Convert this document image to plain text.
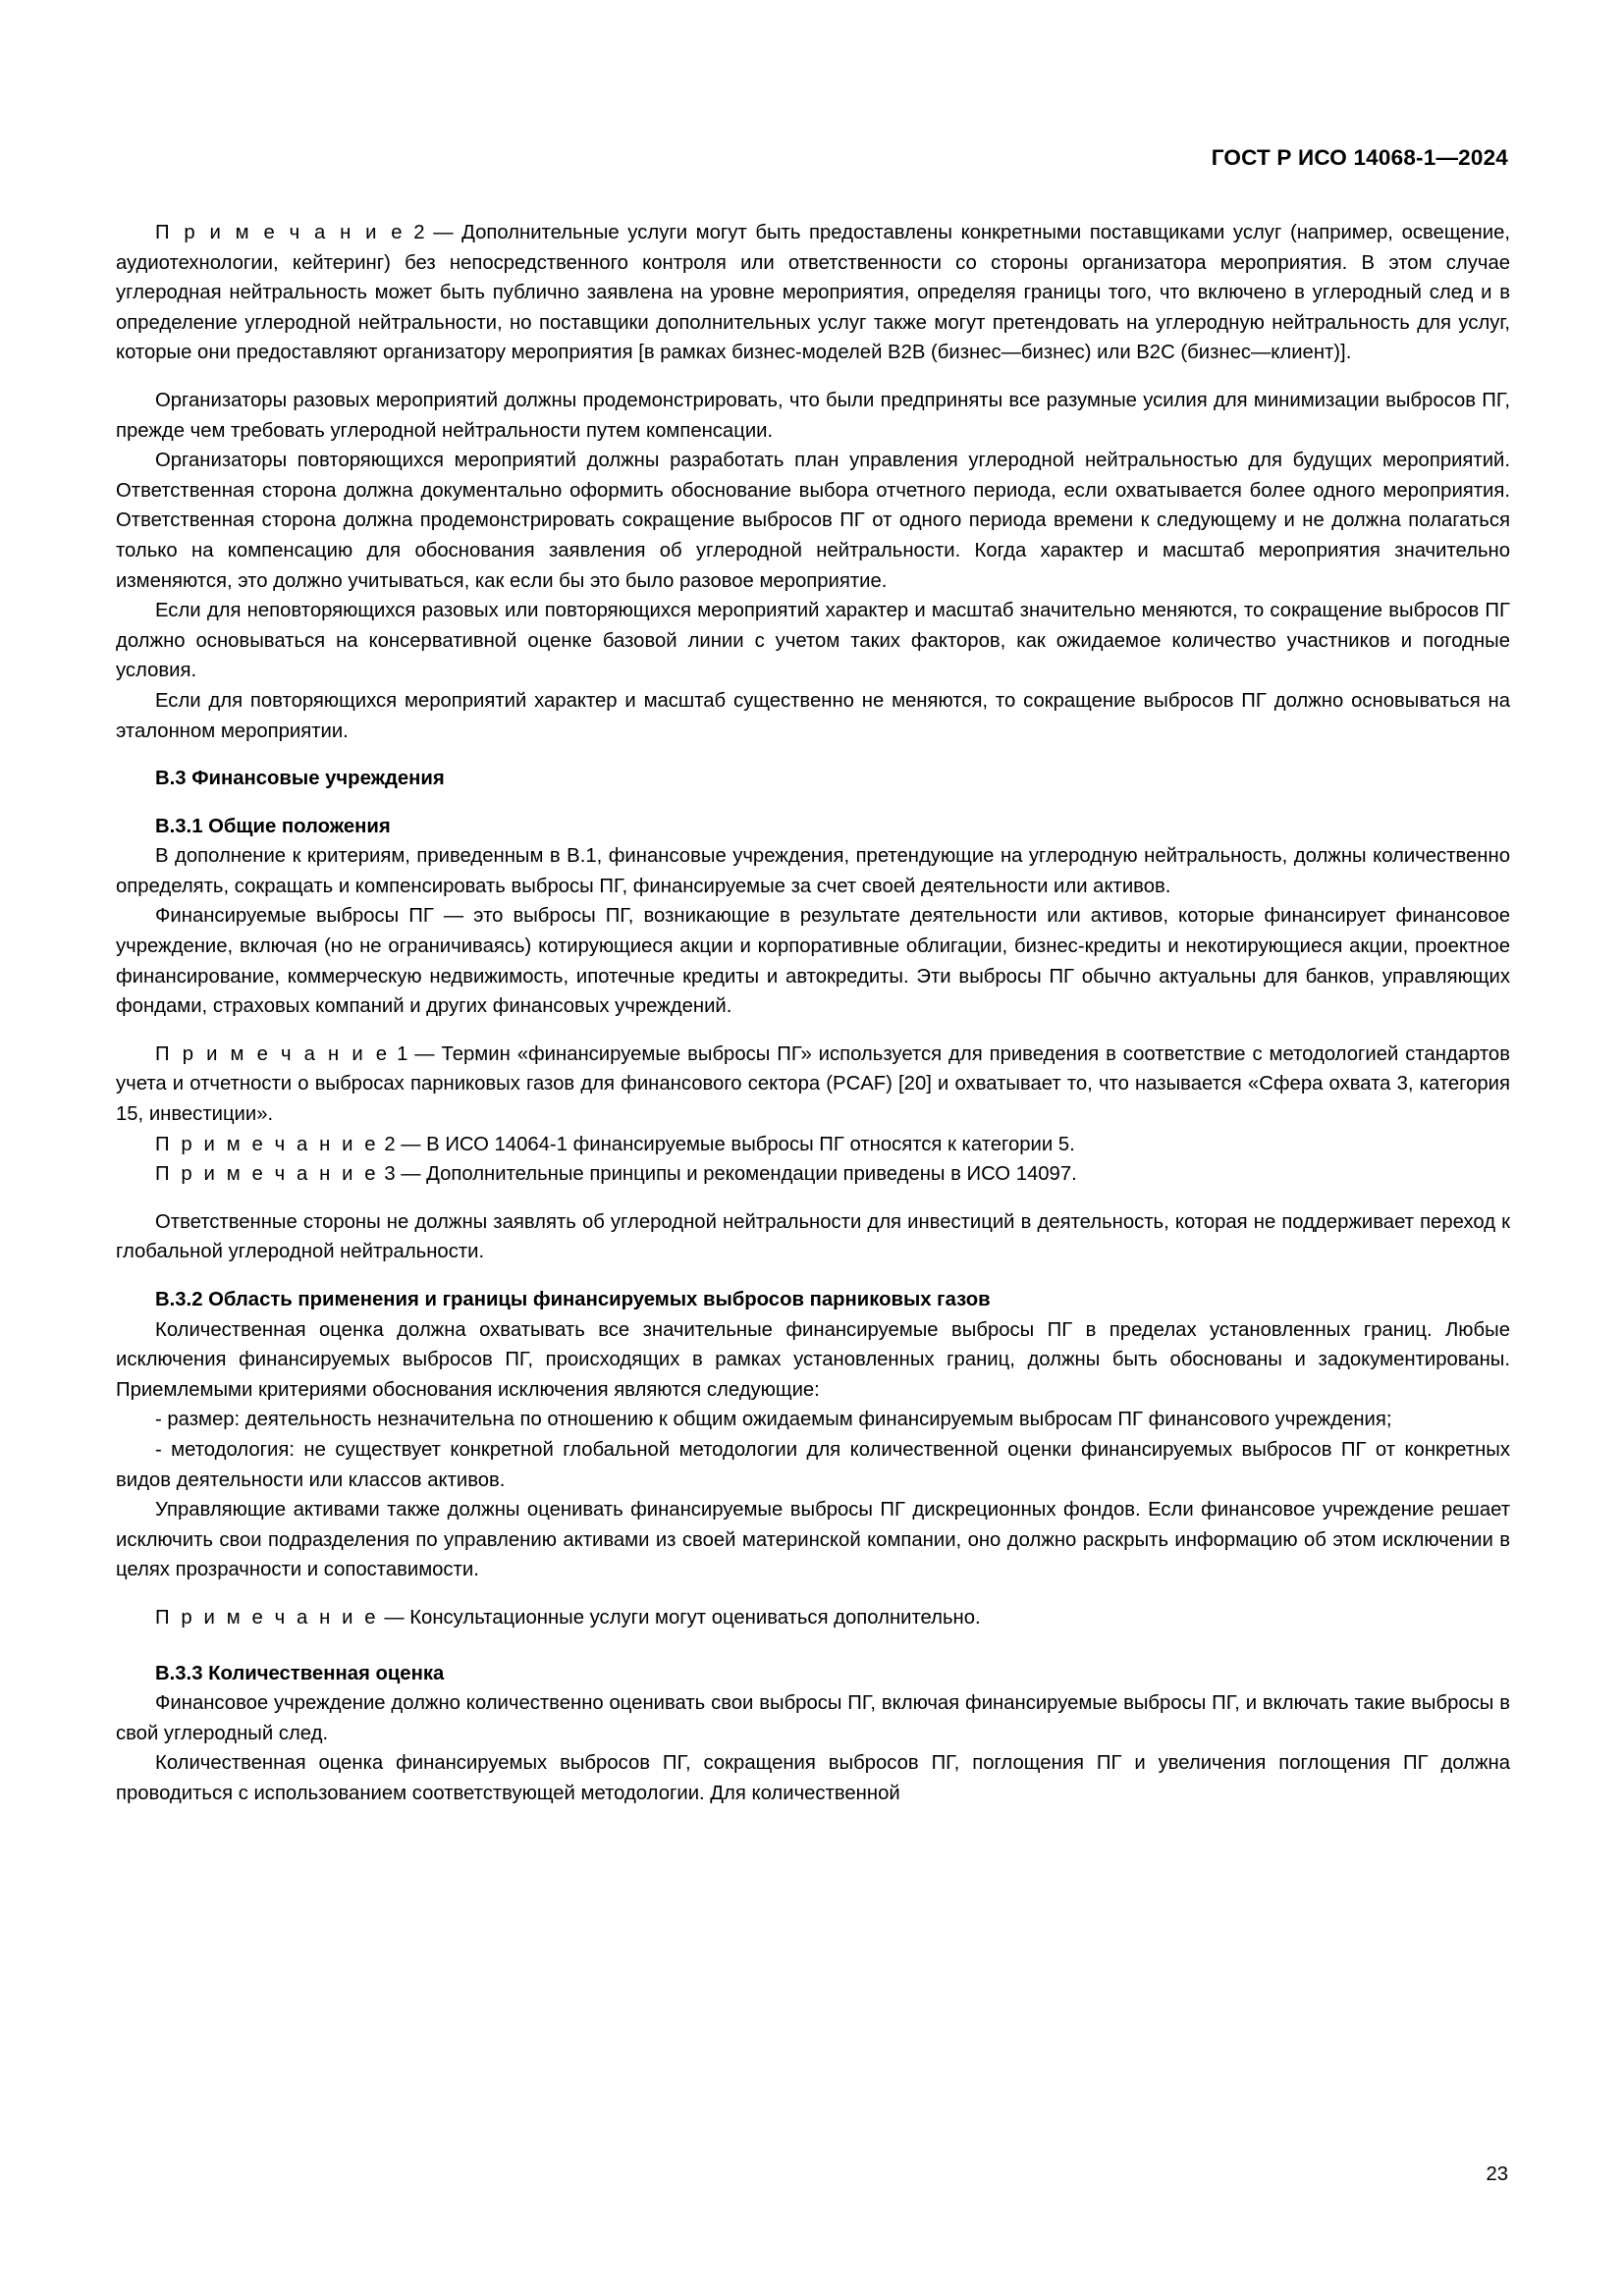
ГОСТ Р ИСО 14068-1—2024

П р и м е ч а н и е 2 — Дополнительные услуги могут быть предоставлены конкретными поставщиками услуг (например, освещение, аудиотехнологии, кейтеринг) без непосредственного контроля или ответственности со стороны организатора мероприятия. В этом случае углеродная нейтральность может быть публично заявлена на уровне мероприятия, определяя границы того, что включено в углеродный след и в определение углеродной нейтральности, но поставщики дополнительных услуг также могут претендовать на углеродную нейтральность для услуг, которые они предоставляют организатору мероприятия [в рамках бизнес-моделей B2B (бизнес—бизнес) или B2C (бизнес—клиент)].

Организаторы разовых мероприятий должны продемонстрировать, что были предприняты все разумные усилия для минимизации выбросов ПГ, прежде чем требовать углеродной нейтральности путем компенсации.

Организаторы повторяющихся мероприятий должны разработать план управления углеродной нейтральностью для будущих мероприятий. Ответственная сторона должна документально оформить обоснование выбора отчетного периода, если охватывается более одного мероприятия. Ответственная сторона должна продемонстрировать сокращение выбросов ПГ от одного периода времени к следующему и не должна полагаться только на компенсацию для обоснования заявления об углеродной нейтральности. Когда характер и масштаб мероприятия значительно изменяются, это должно учитываться, как если бы это было разовое мероприятие.

Если для неповторяющихся разовых или повторяющихся мероприятий характер и масштаб значительно меняются, то сокращение выбросов ПГ должно основываться на консервативной оценке базовой линии с учетом таких факторов, как ожидаемое количество участников и погодные условия.

Если для повторяющихся мероприятий характер и масштаб существенно не меняются, то сокращение выбросов ПГ должно основываться на эталонном мероприятии.

В.3 Финансовые учреждения
В.3.1 Общие положения

В дополнение к критериям, приведенным в В.1, финансовые учреждения, претендующие на углеродную нейтральность, должны количественно определять, сокращать и компенсировать выбросы ПГ, финансируемые за счет своей деятельности или активов.

Финансируемые выбросы ПГ — это выбросы ПГ, возникающие в результате деятельности или активов, которые финансирует финансовое учреждение, включая (но не ограничиваясь) котирующиеся акции и корпоративные облигации, бизнес-кредиты и некотирующиеся акции, проектное финансирование, коммерческую недвижимость, ипотечные кредиты и автокредиты. Эти выбросы ПГ обычно актуальны для банков, управляющих фондами, страховых компаний и других финансовых учреждений.

П р и м е ч а н и е 1 — Термин «финансируемые выбросы ПГ» используется для приведения в соответствие с методологией стандартов учета и отчетности о выбросах парниковых газов для финансового сектора (PCAF) [20] и охватывает то, что называется «Сфера охвата 3, категория 15, инвестиции».

П р и м е ч а н и е 2 — В ИСО 14064-1 финансируемые выбросы ПГ относятся к категории 5.

П р и м е ч а н и е 3 — Дополнительные принципы и рекомендации приведены в ИСО 14097.

Ответственные стороны не должны заявлять об углеродной нейтральности для инвестиций в деятельность, которая не поддерживает переход к глобальной углеродной нейтральности.

В.3.2 Область применения и границы финансируемых выбросов парниковых газов

Количественная оценка должна охватывать все значительные финансируемые выбросы ПГ в пределах установленных границ. Любые исключения финансируемых выбросов ПГ, происходящих в рамках установленных границ, должны быть обоснованы и задокументированы. Приемлемыми критериями обоснования исключения являются следующие:

- размер: деятельность незначительна по отношению к общим ожидаемым финансируемым выбросам ПГ финансового учреждения;

- методология: не существует конкретной глобальной методологии для количественной оценки финансируемых выбросов ПГ от конкретных видов деятельности или классов активов.

Управляющие активами также должны оценивать финансируемые выбросы ПГ дискреционных фондов. Если финансовое учреждение решает исключить свои подразделения по управлению активами из своей материнской компании, оно должно раскрыть информацию об этом исключении в целях прозрачности и сопоставимости.

П р и м е ч а н и е — Консультационные услуги могут оцениваться дополнительно.

В.3.3 Количественная оценка

Финансовое учреждение должно количественно оценивать свои выбросы ПГ, включая финансируемые выбросы ПГ, и включать такие выбросы в свой углеродный след.

Количественная оценка финансируемых выбросов ПГ, сокращения выбросов ПГ, поглощения ПГ и увеличения поглощения ПГ должна проводиться с использованием соответствующей методологии. Для количественной

23
